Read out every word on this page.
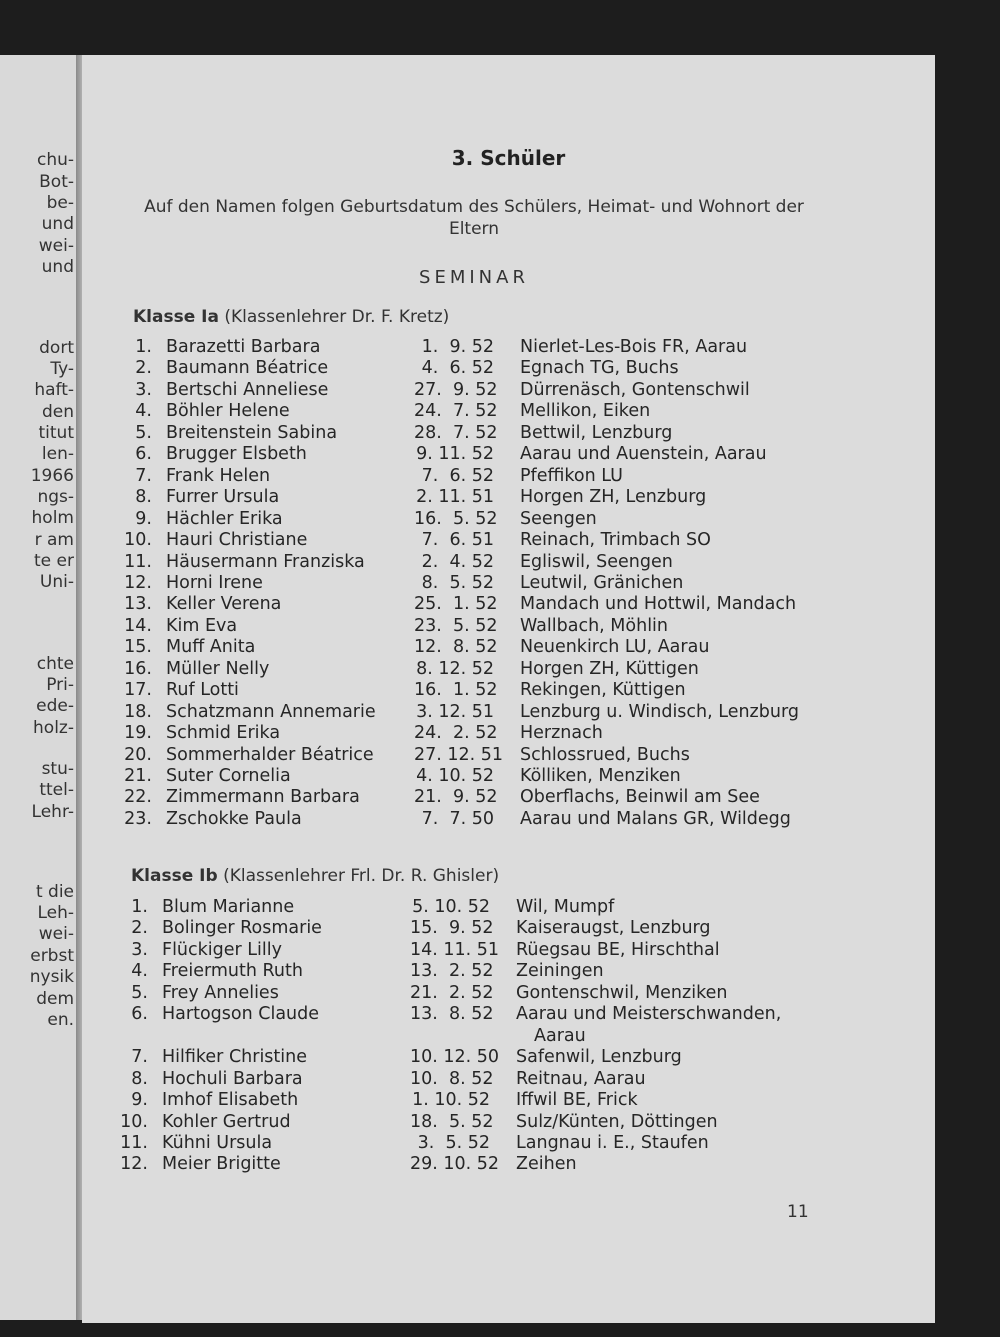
chu-
Bot-
be-
und
wei-
und
dort
Ty-
haft-
den
titut
len-
1966
ngs-
holm
r am
te er
Uni-
chte
Pri-
ede-
holz-
stu-
ttel-
Lehr-
t die
Leh-
wei-
erbst
nysik
dem
en.
3. Schüler
Auf den Namen folgen Geburtsdatum des Schülers, Heimat- und Wohnort der Eltern
SEMINAR
Klasse Ia (Klassenlehrer Dr. F. Kretz)
1. Barazetti Barbara	1.  9. 52 Nierlet-Les-Bois FR, Aarau
2. Baumann Béatrice	4.  6. 52 Egnach TG, Buchs
3. Bertschi Anneliese	27.  9. 52 Dürrenäsch, Gontenschwil
4. Böhler Helene	24.  7. 52 Mellikon, Eiken
5. Breitenstein Sabina	28.  7. 52 Bettwil, Lenzburg
6. Brugger Elsbeth	9. 11. 52 Aarau und Auenstein, Aarau
7. Frank Helen	7.  6. 52 Pfeffikon LU
8. Furrer Ursula	2. 11. 51 Horgen ZH, Lenzburg
9. Hächler Erika	16.  5. 52 Seengen
10. Hauri Christiane	7.  6. 51 Reinach, Trimbach SO
11. Häusermann Franziska	2.  4. 52 Egliswil, Seengen
12. Horni Irene	8.  5. 52 Leutwil, Gränichen
13. Keller Verena	25.  1. 52 Mandach und Hottwil, Mandach
14. Kim Eva	23.  5. 52 Wallbach, Möhlin
15. Muff Anita	12.  8. 52 Neuenkirch LU, Aarau
16. Müller Nelly	8. 12. 52 Horgen ZH, Küttigen
17. Ruf Lotti	16.  1. 52 Rekingen, Küttigen
18. Schatzmann Annemarie 3. 12. 51 Lenzburg u. Windisch, Lenzburg
19. Schmid Erika	24.  2. 52 Herznach
20. Sommerhalder Béatrice 27. 12. 51 Schlossrued, Buchs
21. Suter Cornelia	4. 10. 52 Kölliken, Menziken
22. Zimmermann Barbara	21.  9. 52 Oberflachs, Beinwil am See
23. Zschokke Paula	7.  7. 50 Aarau und Malans GR, Wildegg
Klasse Ib (Klassenlehrer Frl. Dr. R. Ghisler)
1. Blum Marianne	5. 10. 52 Wil, Mumpf
2. Bolinger Rosmarie	15.  9. 52 Kaiseraugst, Lenzburg
3. Flückiger Lilly	14. 11. 51 Rüegsau BE, Hirschthal
4. Freiermuth Ruth	13.  2. 52 Zeiningen
5. Frey Annelies	21.  2. 52 Gontenschwil, Menziken
6. Hartogson Claude	13.  8. 52 Aarau und Meisterschwanden,
Aarau
7. Hilfiker Christine	10. 12. 50 Safenwil, Lenzburg
8. Hochuli Barbara	10.  8. 52 Reitnau, Aarau
9. Imhof Elisabeth	1. 10. 52 Iffwil BE, Frick
10. Kohler Gertrud	18.  5. 52 Sulz/Künten, Döttingen
11. Kühni Ursula	3.  5. 52 Langnau i. E., Staufen
12. Meier Brigitte	29. 10. 52 Zeihen
11
